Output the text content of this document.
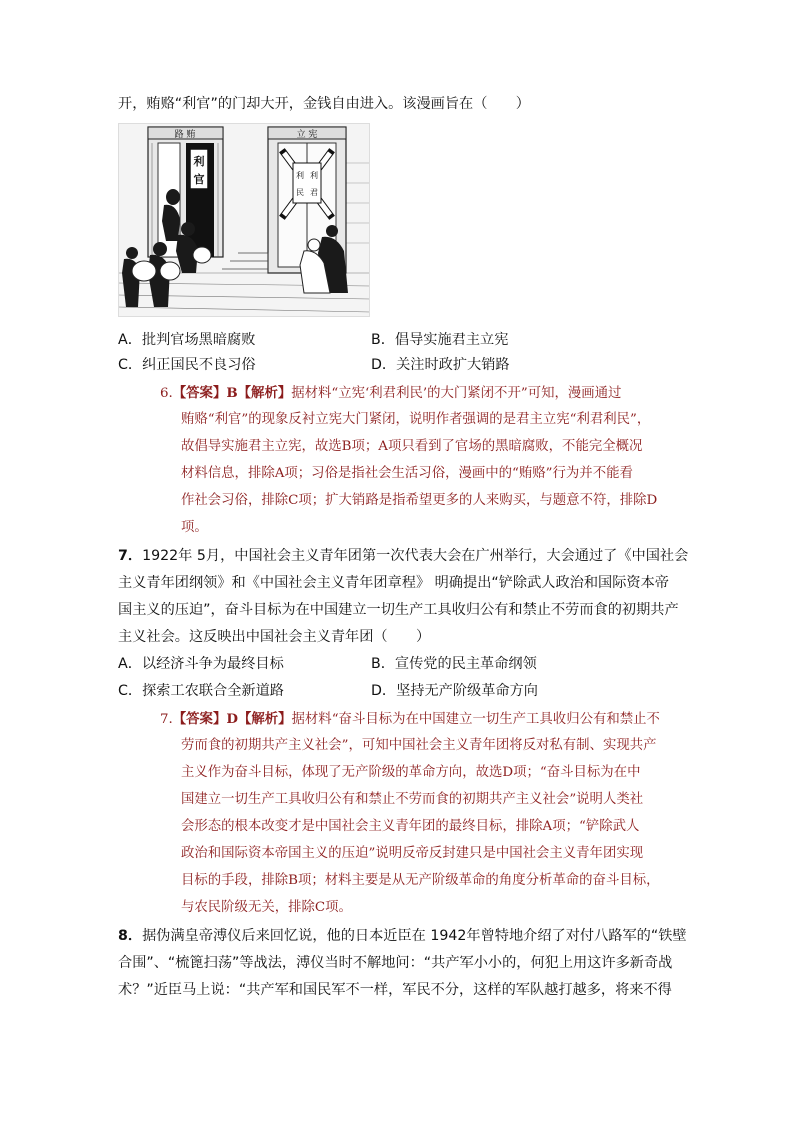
开，贿赂“利官”的门却大开，金钱自由进入。该漫画旨在（　　）
路 贿
利
官
立 宪
利 利
民 君
A．批判官场黑暗腐败	B．倡导实施君主立宪
C．纠正国民不良习俗	D．关注时政扩大销路
6.【答案】B【解析】据材料“立宪‘利君利民’的大门紧闭不开”可知，漫画通过
贿赂“利官”的现象反衬立宪大门紧闭，说明作者强调的是君主立宪“利君利民”，
故倡导实施君主立宪，故选B项；A项只看到了官场的黑暗腐败，不能完全概况
材料信息，排除A项；习俗是指社会生活习俗，漫画中的“贿赂”行为并不能看
作社会习俗，排除C项；扩大销路是指希望更多的人来购买，与题意不符，排除D
项。
7．1922年 5月，中国社会主义青年团第一次代表大会在广州举行，大会通过了《中国社会
主义青年团纲领》和《中国社会主义青年团章程》 明确提出“铲除武人政治和国际资本帝
国主义的压迫”，奋斗目标为在中国建立一切生产工具收归公有和禁止不劳而食的初期共产
主义社会。这反映出中国社会主义青年团（　　）
A．以经济斗争为最终目标	B．宣传党的民主革命纲领
C．探索工农联合全新道路	D．坚持无产阶级革命方向
7.【答案】D【解析】据材料“奋斗目标为在中国建立一切生产工具收归公有和禁止不
劳而食的初期共产主义社会”，可知中国社会主义青年团将反对私有制、实现共产
主义作为奋斗目标，体现了无产阶级的革命方向，故选D项；“奋斗目标为在中
国建立一切生产工具收归公有和禁止不劳而食的初期共产主义社会”说明人类社
会形态的根本改变才是中国社会主义青年团的最终目标，排除A项；“铲除武人
政治和国际资本帝国主义的压迫”说明反帝反封建只是中国社会主义青年团实现
目标的手段，排除B项；材料主要是从无产阶级革命的角度分析革命的奋斗目标，
与农民阶级无关，排除C项。
8．据伪满皇帝溥仪后来回忆说，他的日本近臣在 1942年曾特地介绍了对付八路军的“铁壁
合围”、“梳篦扫荡”等战法，溥仪当时不解地问：“共产军小小的，何犯上用这许多新奇战
术？”近臣马上说：“共产军和国民军不一样，军民不分，这样的军队越打越多，将来不得
